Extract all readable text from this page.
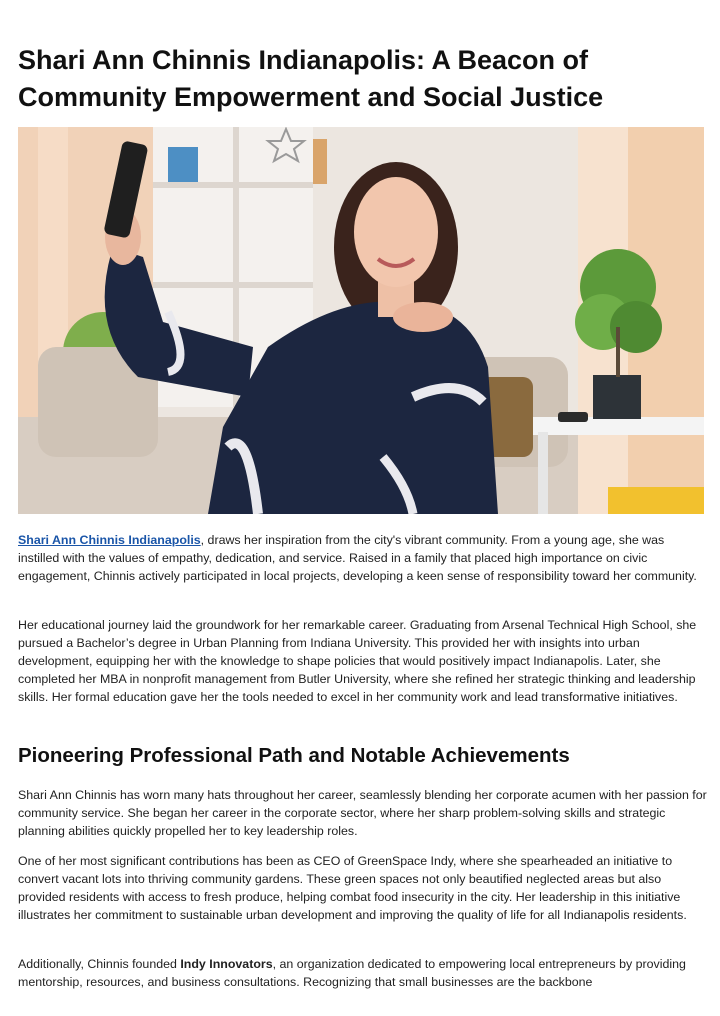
Shari Ann Chinnis Indianapolis: A Beacon of Community Empowerment and Social Justice

Shari Ann Chinnis Indianapolis, draws her inspiration from the city's vibrant community. From a young age, she was instilled with the values of empathy, dedication, and service. Raised in a family that placed high importance on civic engagement, Chinnis actively participated in local projects, developing a keen sense of responsibility toward her community.

Her educational journey laid the groundwork for her remarkable career. Graduating from Arsenal Technical High School, she pursued a Bachelor’s degree in Urban Planning from Indiana University. This provided her with insights into urban development, equipping her with the knowledge to shape policies that would positively impact Indianapolis. Later, she completed her MBA in nonprofit management from Butler University, where she refined her strategic thinking and leadership skills. Her formal education gave her the tools needed to excel in her community work and lead transformative initiatives.

Pioneering Professional Path and Notable Achievements

Shari Ann Chinnis has worn many hats throughout her career, seamlessly blending her corporate acumen with her passion for community service. She began her career in the corporate sector, where her sharp problem-solving skills and strategic planning abilities quickly propelled her to key leadership roles.

One of her most significant contributions has been as CEO of GreenSpace Indy, where she spearheaded an initiative to convert vacant lots into thriving community gardens. These green spaces not only beautified neglected areas but also provided residents with access to fresh produce, helping combat food insecurity in the city. Her leadership in this initiative illustrates her commitment to sustainable urban development and improving the quality of life for all Indianapolis residents.

Additionally, Chinnis founded Indy Innovators, an organization dedicated to empowering local entrepreneurs by providing mentorship, resources, and business consultations. Recognizing that small businesses are the backbone
